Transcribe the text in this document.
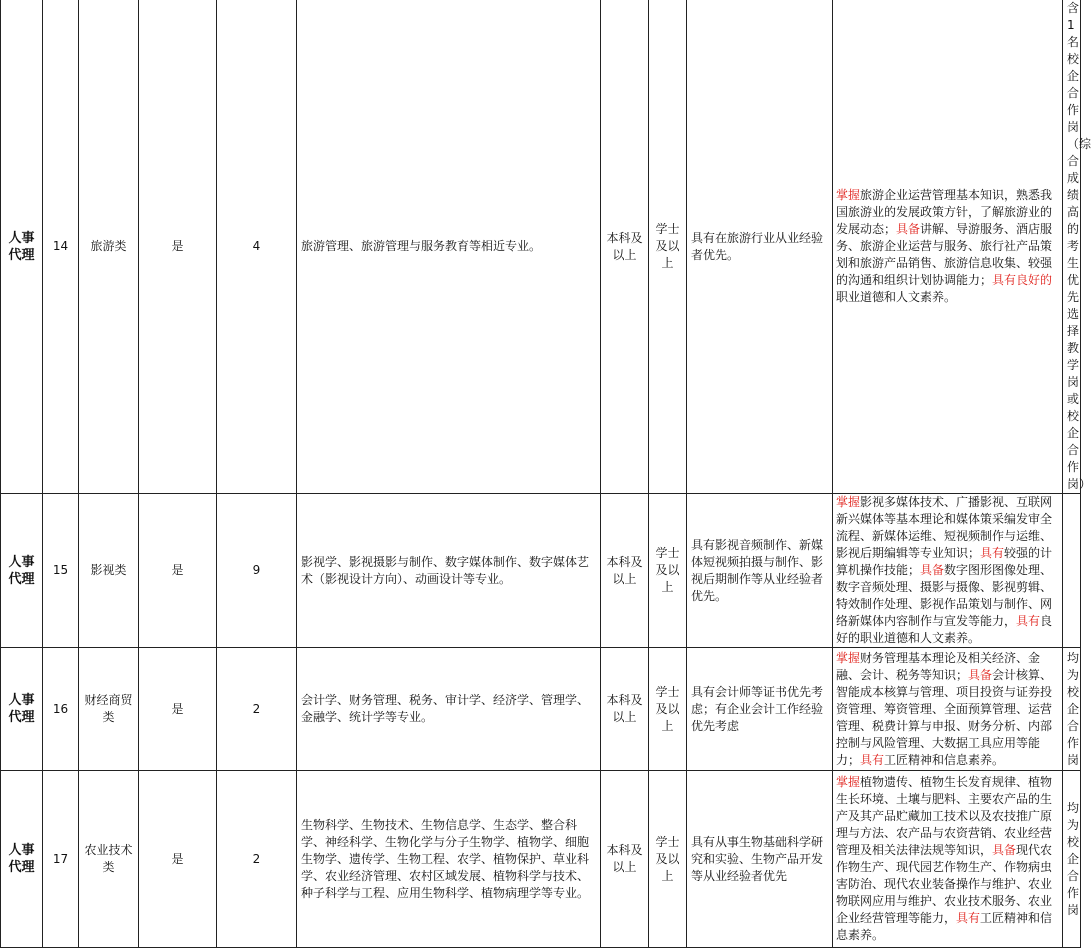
人事代理	14	旅游类	是	4	旅游管理、旅游管理与服务教育等相近专业。	本科及以上	学士及以上	具有在旅游行业从业经验者优先。	掌握旅游企业运营管理基本知识，熟悉我国旅游业的发展政策方针，了解旅游业的发展动态；具备讲解、导游服务、酒店服务、旅游企业运营与服务、旅行社产品策划和旅游产品销售、旅游信息收集、较强的沟通和组织计划协调能力；具有良好的职业道德和人文素养。	含1名校企合作岗（综合成绩高的考生优先选择教学岗或校企合作岗）
人事代理	15	影视类	是	9	影视学、影视摄影与制作、数字媒体制作、数字媒体艺术（影视设计方向）、动画设计等专业。	本科及以上	学士及以上	具有影视音频制作、新媒体短视频拍摄与制作、影视后期制作等从业经验者优先。	掌握影视多媒体技术、广播影视、互联网新兴媒体等基本理论和媒体策采编发审全流程、新媒体运维、短视频制作与运维、影视后期编辑等专业知识；具有较强的计算机操作技能；具备数字图形图像处理、数字音频处理、摄影与摄像、影视剪辑、特效制作处理、影视作品策划与制作、网络新媒体内容制作与宣发等能力，具有良好的职业道德和人文素养。	
人事代理	16	财经商贸类	是	2	会计学、财务管理、税务、审计学、经济学、管理学、金融学、统计学等专业。	本科及以上	学士及以上	具有会计师等证书优先考虑；有企业会计工作经验优先考虑	掌握财务管理基本理论及相关经济、金融、会计、税务等知识；具备会计核算、智能成本核算与管理、项目投资与证券投资管理、筹资管理、全面预算管理、运营管理、税费计算与申报、财务分析、内部控制与风险管理、大数据工具应用等能力；具有工匠精神和信息素养。	均为校企合作岗
人事代理	17	农业技术类	是	2	生物科学、生物技术、生物信息学、生态学、整合科学、神经科学、生物化学与分子生物学、植物学、细胞生物学、遗传学、生物工程、农学、植物保护、草业科学、农业经济管理、农村区域发展、植物科学与技术、种子科学与工程、应用生物科学、植物病理学等专业。	本科及以上	学士及以上	具有从事生物基础科学研究和实验、生物产品开发等从业经验者优先	掌握植物遗传、植物生长发育规律、植物生长环境、土壤与肥料、主要农产品的生产及其产品贮藏加工技术以及农技推广原理与方法、农产品与农资营销、农业经营管理及相关法律法规等知识，具备现代农作物生产、现代园艺作物生产、作物病虫害防治、现代农业装备操作与维护、农业物联网应用与维护、农业技术服务、农业企业经营管理等能力，具有工匠精神和信息素养。	均为校企合作岗
